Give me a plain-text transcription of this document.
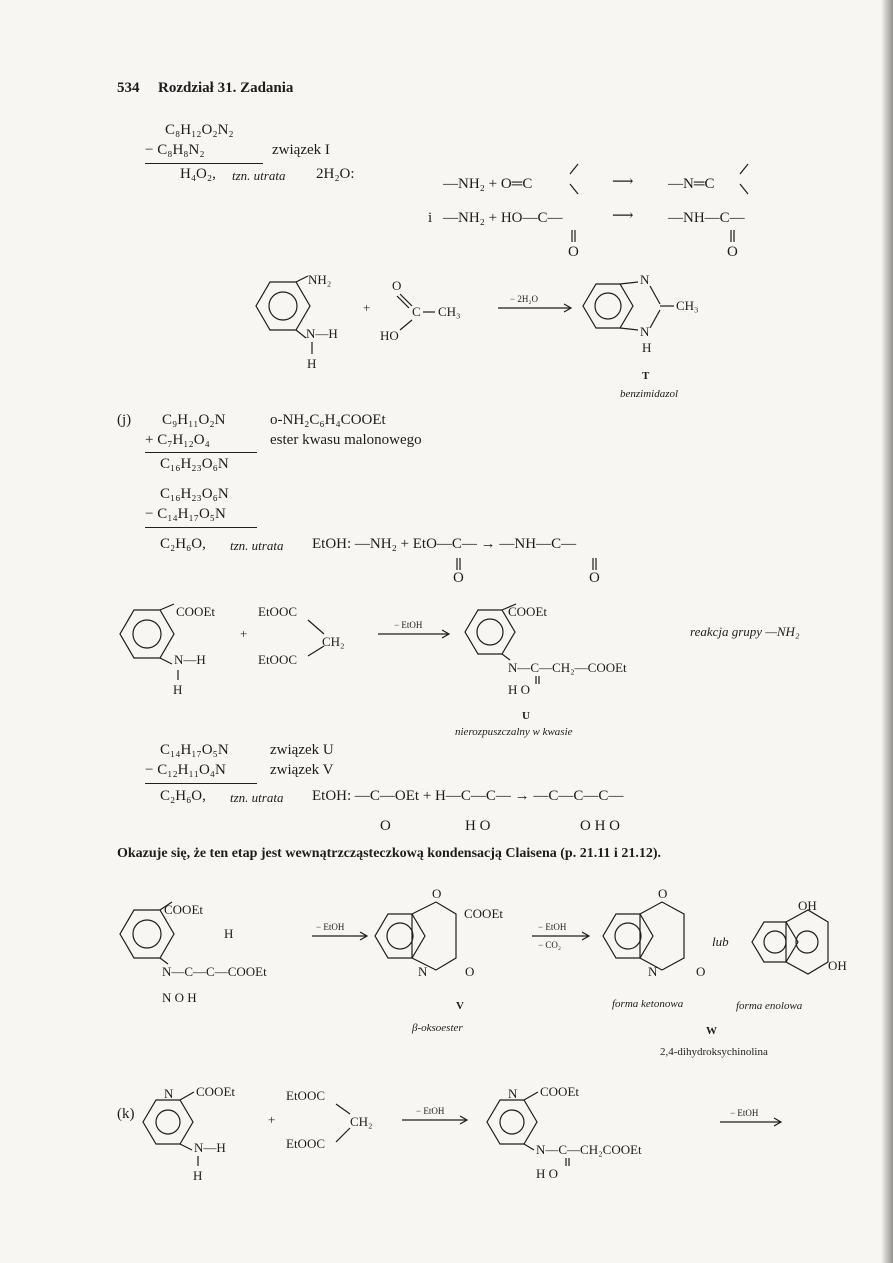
534 Rozdział 31. Zadania
C₈H₁₂O₂N₂
− C₈H₈N₂	związek I
H₄O₂, tzn. utrata 2H₂O:
—NH₂ + O═C	⟶ —N═C
i —NH₂ + HO—C—	⟶ —NH—C—
O	O
NH₂
N—H
H
+
O
C CH₃
HO
− 2H₂O
N
N
CH₃
H
T
benzimidazol
(j) C₉H₁₁O₂N	o-NH₂C₆H₄COOEt
+ C₇H₁₂O₄	ester kwasu malonowego
C₁₆H₂₃O₆N
C₁₆H₂₃O₆N
− C₁₄H₁₇O₅N
C₂H₆O, tzn. utrata EtOH: —NH₂ + EtO—C— → —NH—C—
O	O
COOEt
N—H
H
+
EtOOC
CH₂
EtOOC
− EtOH
COOEt
N—C—CH₂—COOEt
H O
reakcja grupy —NH₂
U
nierozpuszczalny w kwasie
C₁₄H₁₇O₅N	związek U
− C₁₂H₁₁O₄N	związek V
C₂H₆O, tzn. utrata EtOH: —C—OEt + H—C—C— → —C—C—C—
O	H O	O H O
Okazuje się, że ten etap jest wewnątrzcząsteczkową kondensacją Claisena (p. 21.11 i 21.12).
COOEt
H
N—C—C—COOEt
N O H
− EtOH
O
COOEt
N	O
− EtOH
− CO₂
O
N	O
lub
OH
OH
V
β-oksoester
forma ketonowa	forma enolowa
W
2,4-dihydroksychinolina
(k)
N COOEt
N—H
H
+
EtOOC
CH₂
EtOOC
− EtOH
N COOEt
N—C—CH₂COOEt
H O
− EtOH
